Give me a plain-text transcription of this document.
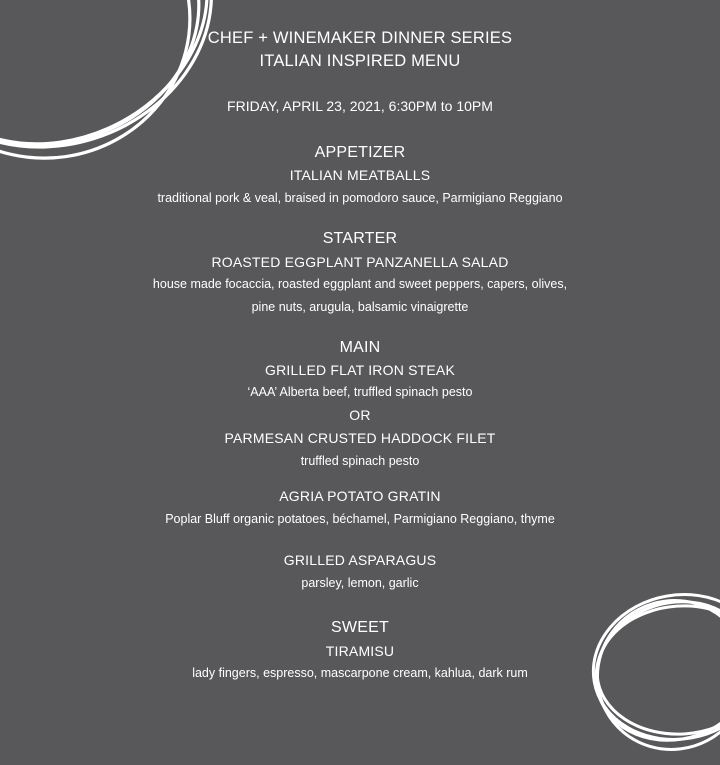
CHEF + WINEMAKER DINNER SERIES
ITALIAN INSPIRED MENU
FRIDAY, APRIL 23, 2021, 6:30PM to 10PM
APPETIZER
ITALIAN MEATBALLS
traditional pork & veal, braised in pomodoro sauce, Parmigiano Reggiano
STARTER
ROASTED EGGPLANT PANZANELLA SALAD
house made focaccia, roasted eggplant and sweet peppers, capers, olives,
pine nuts, arugula, balsamic vinaigrette
MAIN
GRILLED FLAT IRON STEAK
‘AAA’ Alberta beef, truffled spinach pesto
OR
PARMESAN CRUSTED HADDOCK FILET
truffled spinach pesto
AGRIA POTATO GRATIN
Poplar Bluff organic potatoes, béchamel, Parmigiano Reggiano, thyme
GRILLED ASPARAGUS
parsley, lemon, garlic
SWEET
TIRAMISU
lady fingers, espresso, mascarpone cream, kahlua, dark rum
